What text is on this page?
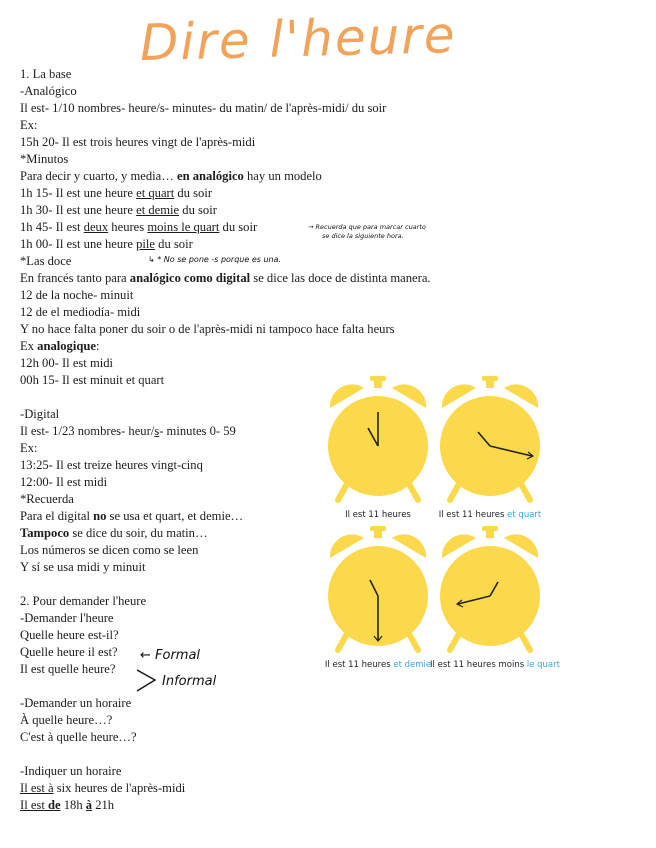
Dire l'heure
1. La base
-Analógico
Il est- 1/10 nombres- heure/s- minutes- du matin/ de l'après-midi/ du soir
Ex:
15h 20- Il est trois heures vingt de l'après-midi
*Minutos
Para decir y cuarto, y media… en analógico hay un modelo
1h 15- Il est une heure et quart du soir
1h 30- Il est une heure et demie du soir
1h 45- Il est deux heures moins le quart du soir
1h 00- Il est une heure pile du soir
*Las doce
En francés tanto para analógico como digital se dice las doce de distinta manera.
12 de la noche- minuit
12 de el mediodía- midi
Y no hace falta poner du soir o de l'après-midi ni tampoco hace falta heurs
Ex analogique:
12h 00- Il est midi
00h 15- Il est minuit et quart
-Digital
Il est- 1/23 nombres- heur/s- minutes 0- 59
Ex:
13:25- Il est treize heures vingt-cinq
12:00- Il est midi
*Recuerda
Para el digital no se usa et quart, et demie…
Tampoco se dice du soir, du matin…
Los números se dicen como se leen
Y sí se usa midi y minuit
2. Pour demander l'heure
-Demander l'heure
Quelle heure est-il?
Quelle heure il est?
Il est quelle heure?
-Demander un horaire
À quelle heure…?
C'est à quelle heure…?
-Indiquer un horaire
Il est à six heures de l'après-midi
Il est de 18h à 21h
→ Recuerda que para marcar cuarto
se dice la siguiente hora.
↳ * No se pone -s porque es una.
← Formal
Informal
Il est 11 heures	Il est 11 heures et quart
Il est 11 heures et demie
Il est 11 heures moins le quart
